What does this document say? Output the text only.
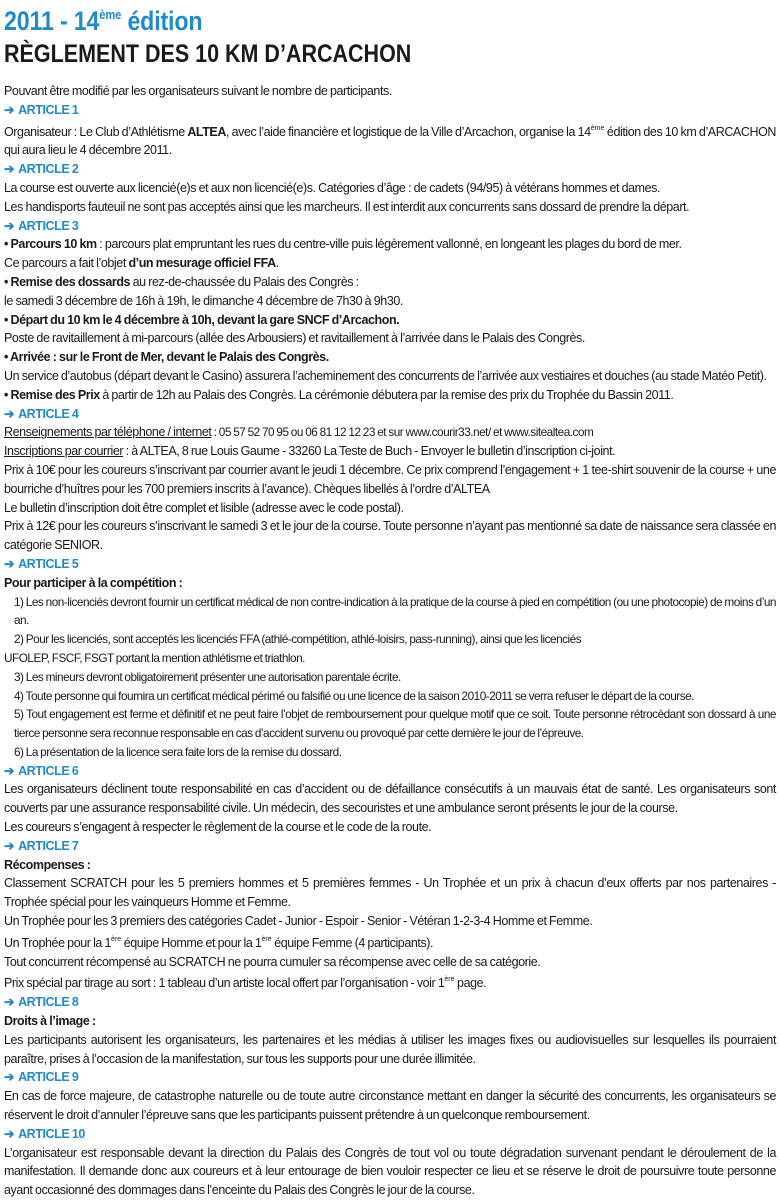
2011 - 14ème édition
RÈGLEMENT DES 10 KM D’ARCACHON

Pouvant être modifié par les organisateurs suivant le nombre de participants.

➔ ARTICLE 1

Organisateur : Le Club d’Athlétisme ALTEA, avec l’aide financière et logistique de la Ville d’Arcachon, organise la 14ème édition des 10 km d’ARCACHON qui aura lieu le 4 décembre 2011.

➔ ARTICLE 2

La course est ouverte aux licencié(e)s et aux non licencié(e)s. Catégories d’âge : de cadets (94/95) à vétérans hommes et dames.

Les handisports fauteuil ne sont pas acceptés ainsi que les marcheurs. Il est interdit aux concurrents sans dossard de prendre la départ.

➔ ARTICLE 3

• Parcours 10 km : parcours plat empruntant les rues du centre-ville puis légèrement vallonné, en longeant les plages du bord de mer.

Ce parcours a fait l’objet d’un mesurage officiel FFA.

• Remise des dossards au rez-de-chaussée du Palais des Congrès :

le samedi 3 décembre de 16h à 19h, le dimanche 4 décembre de 7h30 à 9h30.

• Départ du 10 km le 4 décembre à 10h, devant la gare SNCF d’Arcachon.

Poste de ravitaillement à mi-parcours (allée des Arbousiers) et ravitaillement à l’arrivée dans le Palais des Congrès.

• Arrivée : sur le Front de Mer, devant le Palais des Congrès.

Un service d’autobus (départ devant le Casino) assurera l’acheminement des concurrents de l’arrivée aux vestiaires et douches (au stade Matéo Petit).

• Remise des Prix à partir de 12h au Palais des Congrès. La cérémonie débutera par la remise des prix du Trophée du Bassin 2011.

➔ ARTICLE 4

Renseignements par téléphone / internet : 05 57 52 70 95 ou 06 81 12 12 23 et sur www.courir33.net/ et www.sitealtea.com

Inscriptions par courrier : à ALTEA, 8 rue Louis Gaume - 33260 La Teste de Buch - Envoyer le bulletin d’inscription ci-joint.

Prix à 10€ pour les coureurs s’inscrivant par courrier avant le jeudi 1 décembre. Ce prix comprend l’engagement + 1 tee-shirt souvenir de la course + une bourriche d’huîtres pour les 700 premiers inscrits à l’avance). Chèques libellés à l’ordre d’ALTEA

Le bulletin d’inscription doit être complet et lisible (adresse avec le code postal).

Prix à 12€ pour les coureurs s’inscrivant le samedi 3 et le jour de la course. Toute personne n’ayant pas mentionné sa date de naissance sera classée en catégorie SENIOR.

➔ ARTICLE 5

Pour participer à la compétition :

1) Les non-licenciés devront fournir un certificat médical de non contre-indication à la pratique de la course à pied en compétition (ou une photocopie) de moins d’un an.

2) Pour les licenciés, sont acceptés les licenciés FFA (athlé-compétition, athlé-loisirs, pass-running), ainsi que les licenciés

UFOLEP, FSCF, FSGT portant la mention athlétisme et triathlon.

3) Les mineurs devront obligatoirement présenter une autorisation parentale écrite.

4) Toute personne qui fournira un certificat médical périmé ou falsifié ou une licence de la saison 2010-2011 se verra refuser le départ de la course.

5) Tout engagement est ferme et définitif et ne peut faire l’objet de remboursement pour quelque motif que ce soit. Toute personne rétrocèdant son dossard à une tierce personne sera reconnue responsable en cas d’accident survenu ou provoqué par cette dernière le jour de l’épreuve.

6) La présentation de la licence sera faite lors de la remise du dossard.

➔ ARTICLE 6

Les organisateurs déclinent toute responsabilité en cas d’accident ou de défaillance consécutifs à un mauvais état de santé. Les organisateurs sont couverts par une assurance responsabilité civile. Un médecin, des secouristes et une ambulance seront présents le jour de la course.

Les coureurs s’engagent à respecter le règlement de la course et le code de la route.

➔ ARTICLE 7

Récompenses :

Classement SCRATCH pour les 5 premiers hommes et 5 premières femmes - Un Trophée et un prix à chacun d’eux offerts par nos partenaires - Trophée spécial pour les vainqueurs Homme et Femme.

Un Trophée pour les 3 premiers des catégories Cadet - Junior - Espoir - Senior - Vétéran 1-2-3-4 Homme et Femme.

Un Trophée pour la 1ère équipe Homme et pour la 1ère équipe Femme (4 participants).

Tout concurrent récompensé au SCRATCH ne pourra cumuler sa récompense avec celle de sa catégorie.

Prix spécial par tirage au sort : 1 tableau d’un artiste local offert par l’organisation - voir 1ère page.

➔ ARTICLE 8

Droits à l’image :

Les participants autorisent les organisateurs, les partenaires et les médias à utiliser les images fixes ou audiovisuelles sur lesquelles ils pourraient paraître, prises à l’occasion de la manifestation, sur tous les supports pour une durée illimitée.

➔ ARTICLE 9

En cas de force majeure, de catastrophe naturelle ou de toute autre circonstance mettant en danger la sécurité des concurrents, les organisateurs se réservent le droit d’annuler l’épreuve sans que les participants puissent prétendre à un quelconque remboursement.

➔ ARTICLE 10

L’organisateur est responsable devant la direction du Palais des Congrès de tout vol ou toute dégradation survenant pendant le déroulement de la manifestation. Il demande donc aux coureurs et à leur entourage de bien vouloir respecter ce lieu et se réserve le droit de poursuivre toute personne ayant occasionné des dommages dans l’enceinte du Palais des Congrès le jour de la course.
